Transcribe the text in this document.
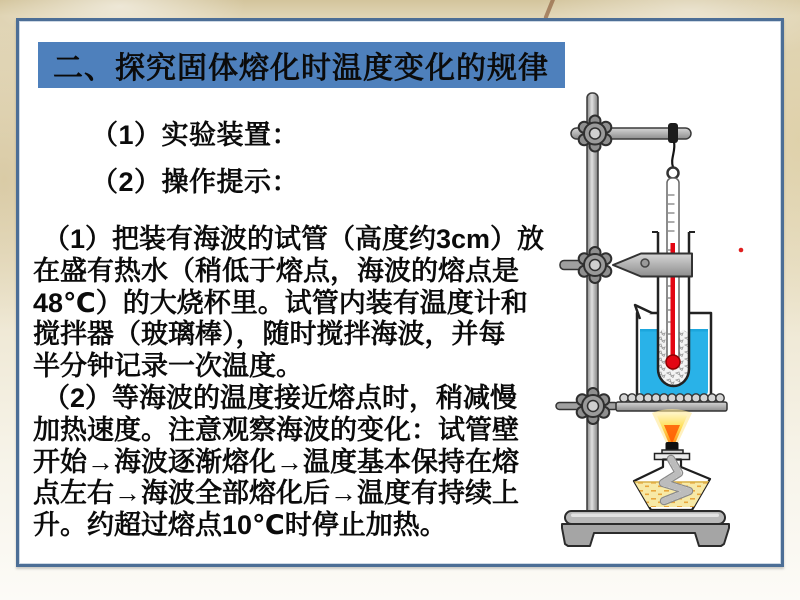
二、探究固体熔化时温度变化的规律
（1）实验装置：
（2）操作提示：
（1）把装有海波的试管（高度约3cm）放
在盛有热水（稍低于熔点，海波的熔点是
48℃）的大烧杯里。试管内装有温度计和
搅拌器（玻璃棒），随时搅拌海波，并每
半分钟记录一次温度。
（2）等海波的温度接近熔点时，稍减慢
加热速度。注意观察海波的变化：试管壁
开始→海波逐渐熔化→温度基本保持在熔
点左右→海波全部熔化后→温度有持续上
升。约超过熔点10℃时停止加热。
